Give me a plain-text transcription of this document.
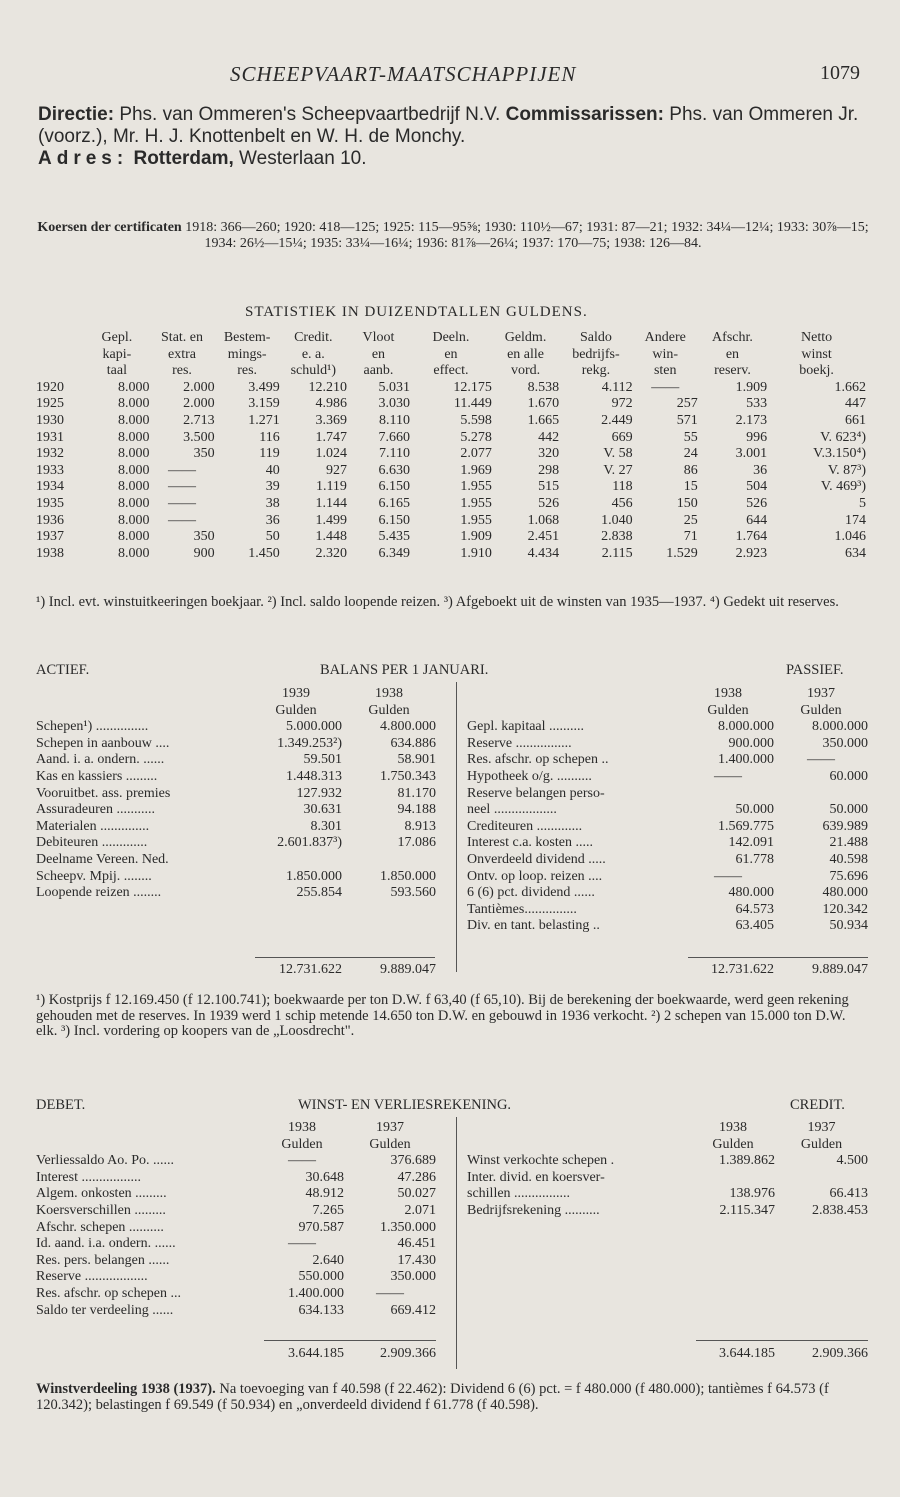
SCHEEPVAART-MAATSCHAPPIJEN	1079
Directie: Phs. van Ommeren's Scheepvaartbedrijf N.V. Commissarissen: Phs. van Ommeren Jr. (voorz.), Mr. H. J. Knottenbelt en W. H. de Monchy.
Adres: Rotterdam, Westerlaan 10.
Koersen der certificaten 1918: 366—260; 1920: 418—125; 1925: 115—95⅝; 1930: 110½—67; 1931: 87—21; 1932: 34¼—12¼; 1933: 30⅞—15; 1934: 26½—15¼; 1935: 33¼—16¼; 1936: 81⅞—26¼; 1937: 170—75; 1938: 126—84.
STATISTIEK IN DUIZENDTALLEN GULDENS.
	Gepl.	Stat. en	Bestem-	Credit.	Vloot	Deeln.	Geldm.	Saldo	Andere	Afschr.	Netto
	kapi-	extra	mings-	e. a.	en	en	en alle	bedrijfs-	win-	en	winst
	taal	res.	res.	schuld¹)	aanb.	effect.	vord.	rekg.	sten	reserv.	boekj.
1920	8.000	2.000	3.499	12.210	5.031	12.175	8.538	4.112	——	1.909	1.662
1925	8.000	2.000	3.159	4.986	3.030	11.449	1.670	972	257	533	447
1930	8.000	2.713	1.271	3.369	8.110	5.598	1.665	2.449	571	2.173	661
1931	8.000	3.500	116	1.747	7.660	5.278	442	669	55	996	V. 623⁴)
1932	8.000	350	119	1.024	7.110	2.077	320	V. 58	24	3.001	V.3.150⁴)
1933	8.000	——	40	927	6.630	1.969	298	V. 27	86	36	V. 87³)
1934	8.000	——	39	1.119	6.150	1.955	515	118	15	504	V. 469³)
1935	8.000	——	38	1.144	6.165	1.955	526	456	150	526	5
1936	8.000	——	36	1.499	6.150	1.955	1.068	1.040	25	644	174
1937	8.000	350	50	1.448	5.435	1.909	2.451	2.838	71	1.764	1.046
1938	8.000	900	1.450	2.320	6.349	1.910	4.434	2.115	1.529	2.923	634
¹) Incl. evt. winstuitkeeringen boekjaar. ²) Incl. saldo loopende reizen. ³) Afgeboekt uit de winsten van 1935—1937. ⁴) Gedekt uit reserves.
ACTIEF.	BALANS PER 1 JANUARI.	PASSIEF.
	1939	1938
	Gulden	Gulden
Schepen¹) ...............	5.000.000	4.800.000
Schepen in aanbouw ....	1.349.253²)	634.886
Aand. i. a. ondern. ......	59.501	58.901
Kas en kassiers .........	1.448.313	1.750.343
Vooruitbet. ass. premies	127.932	81.170
Assuradeuren ...........	30.631	94.188
Materialen ..............	8.301	8.913
Debiteuren .............	2.601.837³)	17.086
Deelname Vereen. Ned.		
Scheepv. Mpij. ........	1.850.000	1.850.000
Loopende reizen ........	255.854	593.560
	1938	1937
	Gulden	Gulden
Gepl. kapitaal ..........	8.000.000	8.000.000
Reserve ................	900.000	350.000
Res. afschr. op schepen ..	1.400.000	——
Hypotheek o/g. ..........	——	60.000
Reserve belangen perso-		
neel ..................	50.000	50.000
Crediteuren .............	1.569.775	639.989
Interest c.a. kosten .....	142.091	21.488
Onverdeeld dividend .....	61.778	40.598
Ontv. op loop. reizen ....	——	75.696
6 (6) pct. dividend ......	480.000	480.000
Tantièmes...............	64.573	120.342
Div. en tant. belasting ..	63.405	50.934
12.731.622	9.889.047	12.731.622	9.889.047
¹) Kostprijs f 12.169.450 (f 12.100.741); boekwaarde per ton D.W. f 63,40 (f 65,10). Bij de berekening der boekwaarde, werd geen rekening gehouden met de reserves. In 1939 werd 1 schip metende 14.650 ton D.W. en gebouwd in 1936 verkocht. ²) 2 schepen van 15.000 ton D.W. elk. ³) Incl. vordering op koopers van de „Loosdrecht".
DEBET.	WINST- EN VERLIESREKENING.	CREDIT.
	1938	1937
	Gulden	Gulden
Verliessaldo Ao. Po. ......	——	376.689
Interest .................	30.648	47.286
Algem. onkosten .........	48.912	50.027
Koersverschillen .........	7.265	2.071
Afschr. schepen ..........	970.587	1.350.000
Id. aand. i.a. ondern. ......	——	46.451
Res. pers. belangen ......	2.640	17.430
Reserve ..................	550.000	350.000
Res. afschr. op schepen ...	1.400.000	——
Saldo ter verdeeling ......	634.133	669.412
	1938	1937
	Gulden	Gulden
Winst verkochte schepen .	1.389.862	4.500
Inter. divid. en koersver-		
schillen ................	138.976	66.413
Bedrijfsrekening ..........	2.115.347	2.838.453
3.644.185	2.909.366	3.644.185	2.909.366
Winstverdeeling 1938 (1937). Na toevoeging van f 40.598 (f 22.462): Dividend 6 (6) pct. = f 480.000 (f 480.000); tantièmes f 64.573 (f 120.342); belastingen f 69.549 (f 50.934) en „onverdeeld dividend f 61.778 (f 40.598).
